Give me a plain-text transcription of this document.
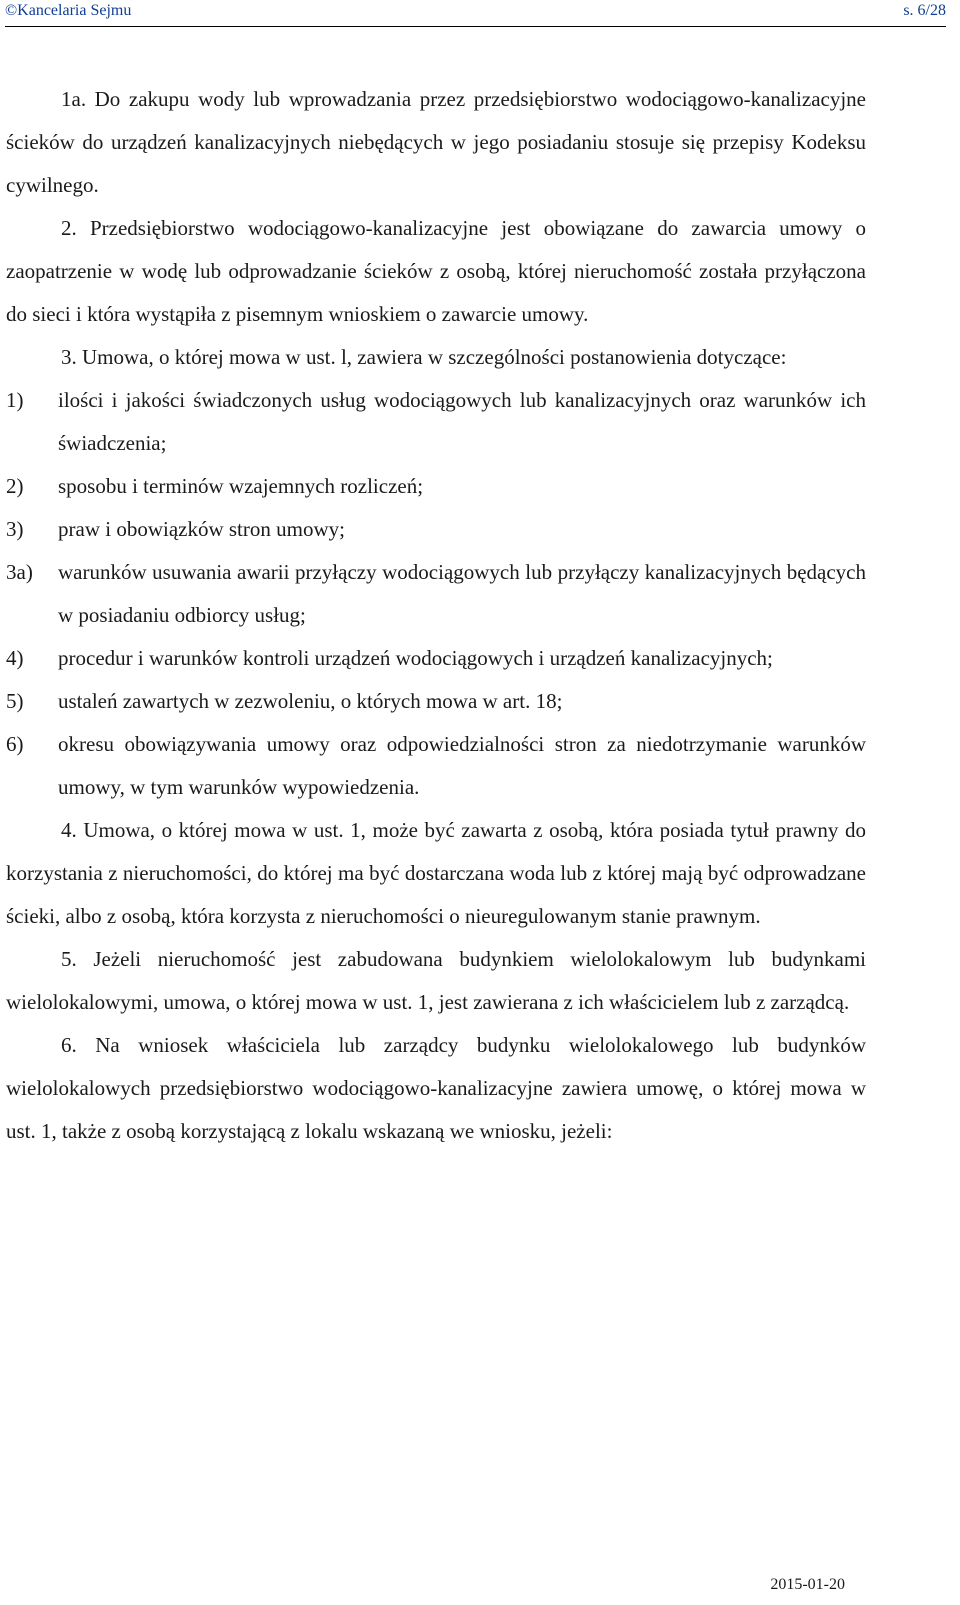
©Kancelaria Sejmu	s. 6/28

1a. Do zakupu wody lub wprowadzania przez przedsiębiorstwo wodociągowo-kanalizacyjne ścieków do urządzeń kanalizacyjnych niebędących w jego posiadaniu stosuje się przepisy Kodeksu cywilnego.

2. Przedsiębiorstwo wodociągowo-kanalizacyjne jest obowiązane do zawarcia umowy o zaopatrzenie w wodę lub odprowadzanie ścieków z osobą, której nieruchomość została przyłączona do sieci i która wystąpiła z pisemnym wnioskiem o zawarcie umowy.

3. Umowa, o której mowa w ust. l, zawiera w szczególności postanowienia dotyczące:

1)	ilości i jakości świadczonych usług wodociągowych lub kanalizacyjnych oraz warunków ich świadczenia;
2)	sposobu i terminów wzajemnych rozliczeń;
3)	praw i obowiązków stron umowy;
3a)	warunków usuwania awarii przyłączy wodociągowych lub przyłączy kanalizacyjnych będących w posiadaniu odbiorcy usług;
4)	procedur i warunków kontroli urządzeń wodociągowych i urządzeń kanalizacyjnych;
5)	ustaleń zawartych w zezwoleniu, o których mowa w art. 18;
6)	okresu obowiązywania umowy oraz odpowiedzialności stron za niedotrzymanie warunków umowy, w tym warunków wypowiedzenia.

4. Umowa, o której mowa w ust. 1, może być zawarta z osobą, która posiada tytuł prawny do korzystania z nieruchomości, do której ma być dostarczana woda lub z której mają być odprowadzane ścieki, albo z osobą, która korzysta z nieruchomości o nieuregulowanym stanie prawnym.

5. Jeżeli nieruchomość jest zabudowana budynkiem wielolokalowym lub budynkami wielolokalowymi, umowa, o której mowa w ust. 1, jest zawierana z ich właścicielem lub z zarządcą.

6. Na wniosek właściciela lub zarządcy budynku wielolokalowego lub budynków wielolokalowych przedsiębiorstwo wodociągowo-kanalizacyjne zawiera umowę, o której mowa w ust. 1, także z osobą korzystającą z lokalu wskazaną we wniosku, jeżeli:

2015-01-20
